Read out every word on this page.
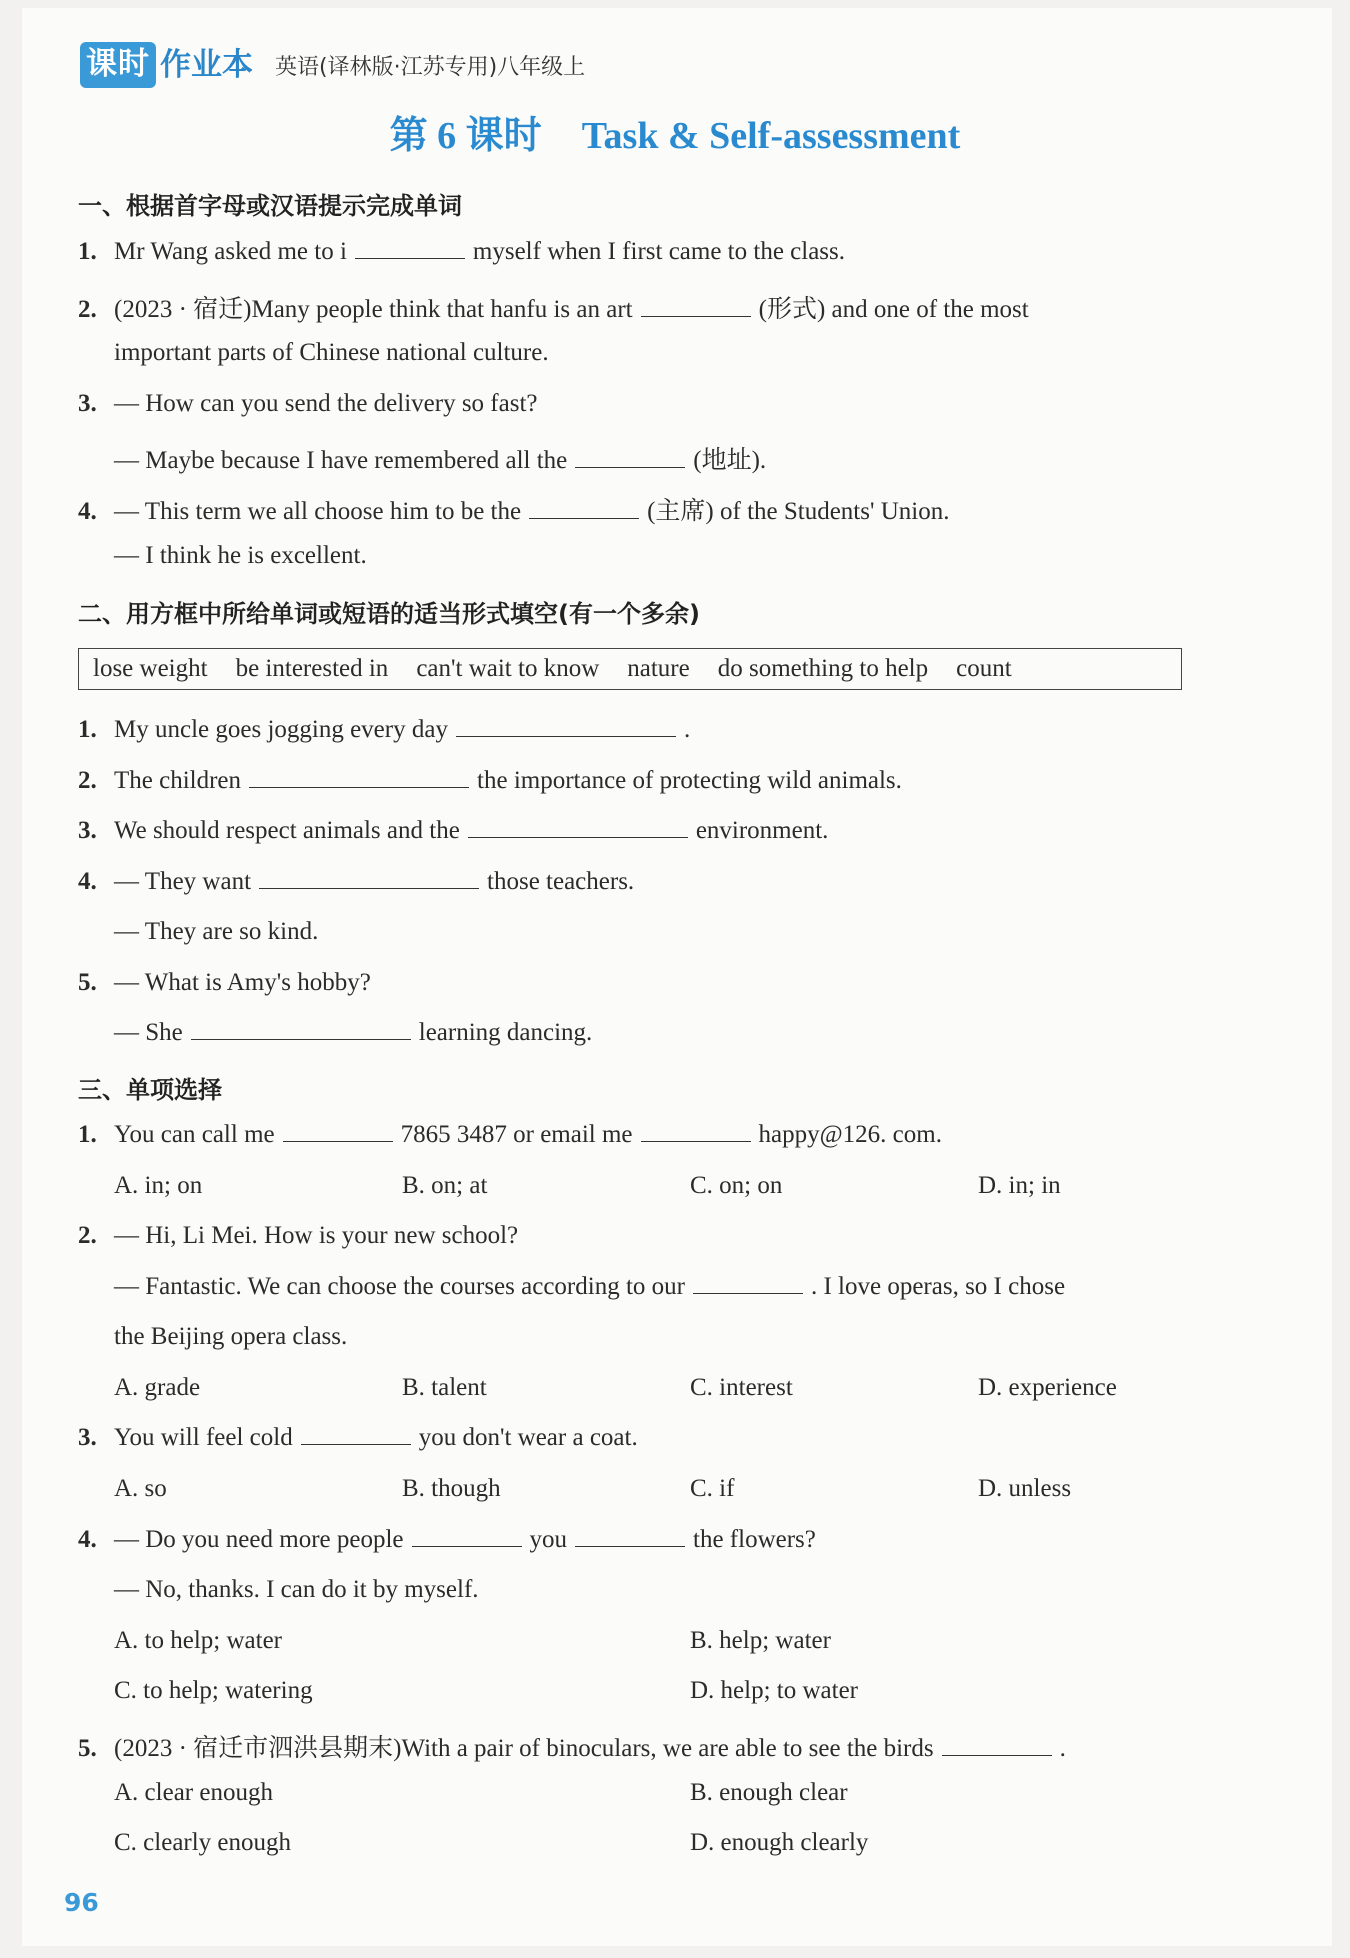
课时 作业本 英语(译林版·江苏专用)八年级上
第 6 课时 Task & Self-assessment
一、根据首字母或汉语提示完成单词
1. Mr Wang asked me to i	myself when I first came to the class.
2. (2023 · 宿迁)Many people think that hanfu is an art	(形式) and one of the most
important parts of Chinese national culture.
3. — How can you send the delivery so fast?
— Maybe because I have remembered all the	(地址).
4. — This term we all choose him to be the	(主席) of the Students' Union.
— I think he is excellent.
二、用方框中所给单词或短语的适当形式填空(有一个多余)
lose weight be interested in can't wait to know nature do something to help count
1. My uncle goes jogging every day	.
2. The children	the importance of protecting wild animals.
3. We should respect animals and the	environment.
4. — They want	those teachers.
— They are so kind.
5. — What is Amy's hobby?
— She	learning dancing.
三、单项选择
1. You can call me	7865 3487 or email me	happy@126. com.
A. in; on	B. on; at	C. on; on	D. in; in
2. — Hi, Li Mei. How is your new school?
— Fantastic. We can choose the courses according to our	. I love operas, so I chose
the Beijing opera class.
A. grade	B. talent	C. interest	D. experience
3. You will feel cold	you don't wear a coat.
A. so	B. though	C. if	D. unless
4. — Do you need more people	you	the flowers?
— No, thanks. I can do it by myself.
A. to help; water	B. help; water
C. to help; watering	D. help; to water
5. (2023 · 宿迁市泗洪县期末)With a pair of binoculars, we are able to see the birds	.
A. clear enough	B. enough clear
C. clearly enough	D. enough clearly
96
